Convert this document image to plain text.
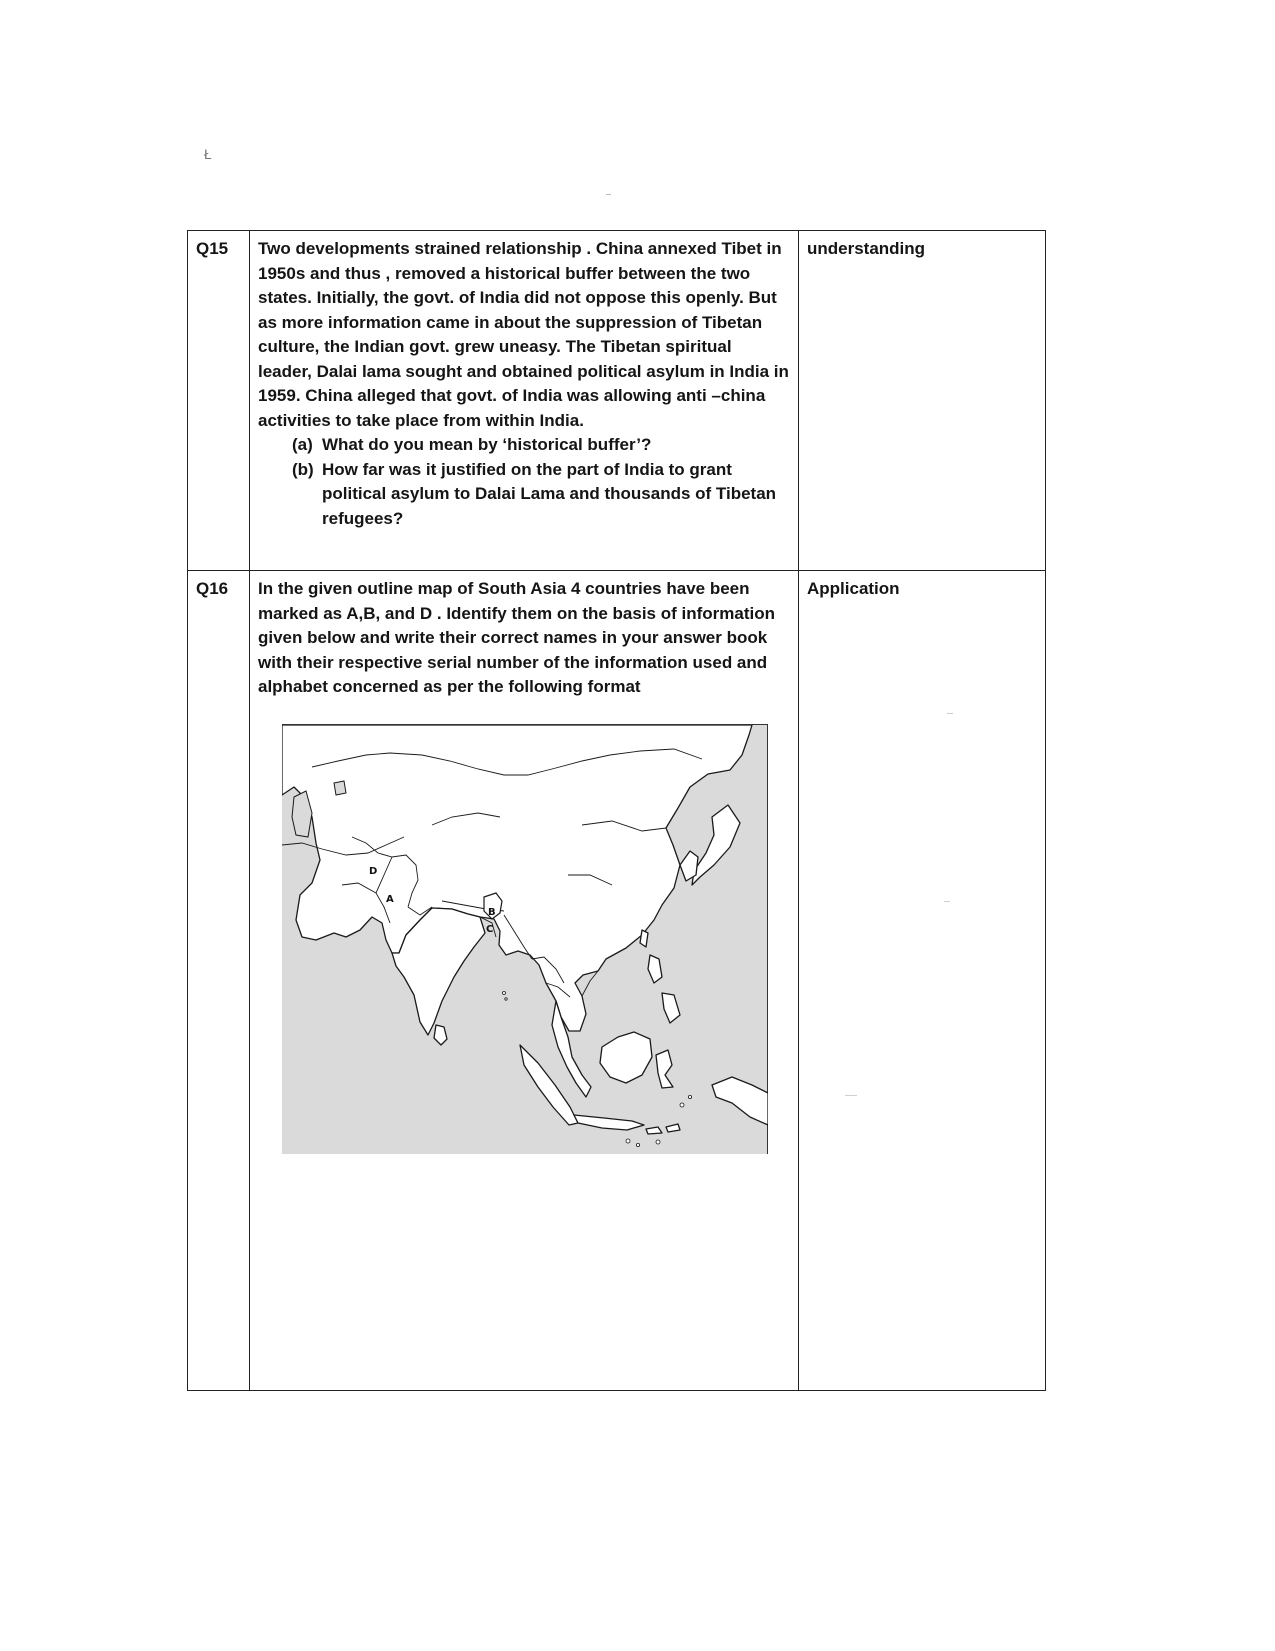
Ł
Q15	Two developments strained relationship . China annexed Tibet in 1950s and thus , removed a historical buffer between the two states. Initially, the govt. of India did not oppose this openly. But as more information came in about the suppression of Tibetan culture, the Indian govt. grew uneasy. The Tibetan spiritual leader, Dalai lama sought and obtained political asylum in India in 1959. China alleged that govt. of India was allowing anti –china activities to take place from within India.

(a) What do you mean by ‘historical buffer’?
(b) How far was it justified on the part of India to grant political asylum to Dalai Lama and thousands of Tibetan refugees?	understanding
Q16	In the given outline map of South Asia 4 countries have been marked as A,B, and D . Identify them on the basis of information given below and write their correct names in your answer book with their respective serial number of the information used and alphabet concerned as per the following format

D
A
B
C	Application
